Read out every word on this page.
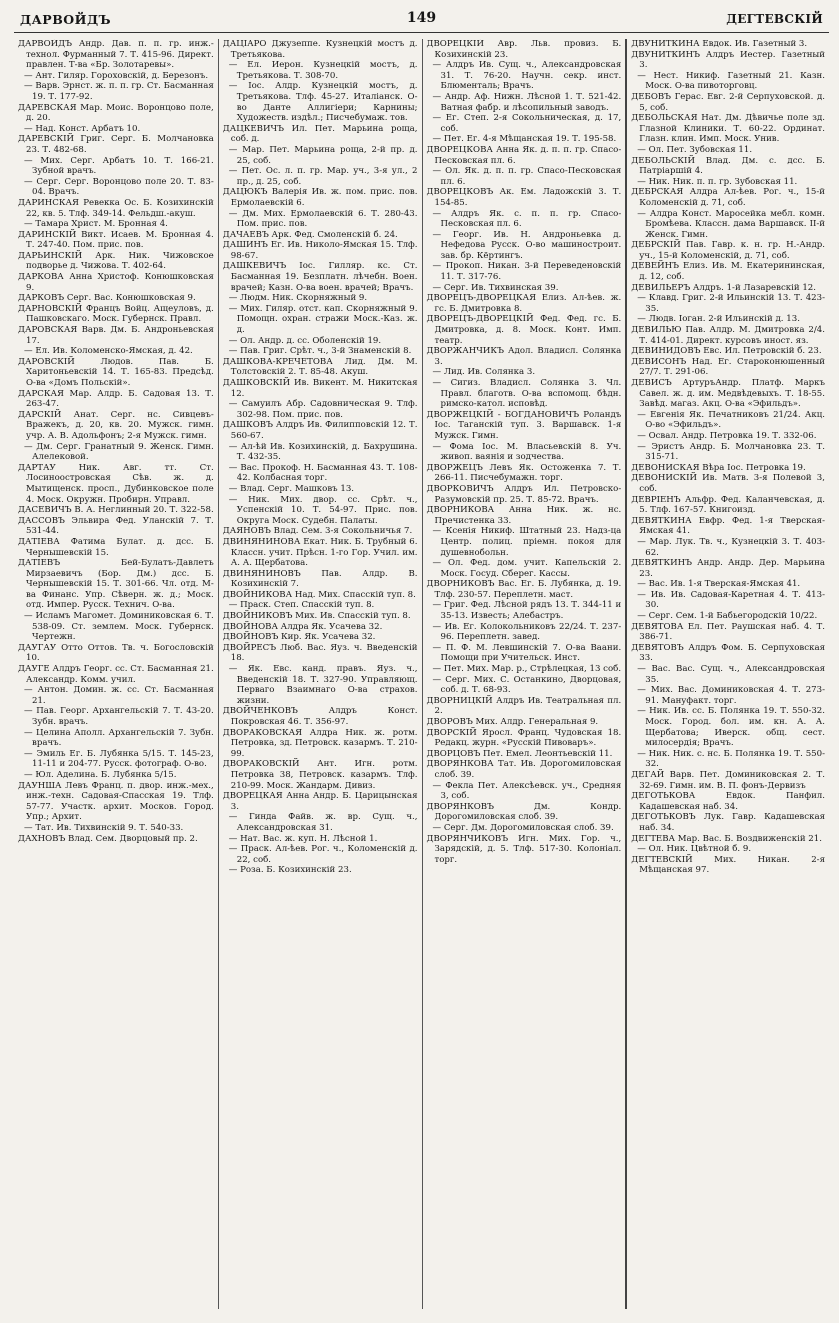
ДАРВОЙДЪ	149	ДЕГТЕВСКІЙ

ДАРВОЙДЪ Андр. Дав. п. п. гр. инж.-технол. Фурманный 7. Т. 415-96. Директ. правлен. Т-ва «Бр. Золотаревы».

— Ант. Гиляр. Гороховскій, д. Березонъ.

— Варв. Эрнст. ж. п. п. гр. Ст. Басманная 19. Т. 177-92.

ДАРЕВСКАЯ Мар. Моис. Воронцово поле, д. 20.

— Над. Конст. Арбатъ 10.

ДАРЕВСКІЙ Григ. Серг. Б. Молчановка 23. Т. 482-68.

— Мих. Серг. Арбатъ 10. Т. 166-21. Зубной врачъ.

— Серг. Серг. Воронцово поле 20. Т. 83-04. Врачъ.

ДАРИНСКАЯ Ревекка Ос. Б. Козихинскій 22, кв. 5. Тлф. 349-14. Фельдш.-акуш.

— Тамара Христ. М. Бронная 4.

ДАРИНСКІЙ Викт. Исаев. М. Бронная 4. Т. 247-40. Пом. прис. пов.

ДАРЬИНСКІЙ Арк. Ник. Чижовское подворье д. Чижова. Т. 402-64.

ДАРКОВА Анна Христоф. Конюшковская 9.

ДАРКОВЪ Серг. Вас. Конюшковская 9.

ДАРНОВСКІЙ Францъ Войц. Ащеуловъ, д. Пашковскаго. Моск. Губернск. Правл.

ДАРОВСКАЯ Варв. Дм. Б. Андроньевская 17.

— Ел. Ив. Коломенско-Ямская, д. 42.

ДАРОВСКІЙ Людов. Пав. Б. Харитоньевскій 14. Т. 165-83. Предсѣд. О-ва «Домъ Польскій».

ДАРСКАЯ Мар. Алдр. Б. Садовая 13. Т. 263-47.

ДАРСКІЙ Анат. Серг. нс. Сивцевъ-Вражекъ, д. 20, кв. 20. Мужск. гимн. учр. А. В. Адольфонъ; 2-я Мужск. гимн.

— Дм. Серг. Гранатный 9. Женск. Гимн. Алелековой.

ДАРТАУ Ник. Авг. тт. Ст. Лосиноостровская Сѣв. ж. д. Мытищенск. просп., Дубинковское поле 4. Моск. Окружн. Пробирн. Управл.

ДАСЕВИЧЪ В. А. Неглинный 20. Т. 322-58.

ДАССОВЪ Эльвира Фед. Уланскій 7. Т. 531-44.

ДАТІЕВА Фатима Булат. д. дсс. Б. Чернышевскій 15.

ДАТІЕВЪ Бей-Булатъ-Давлетъ Мирзаевичъ (Бор. Дм.) дсс. Б. Чернышевскій 15. Т. 301-66. Чл. отд. М-ва Финанс. Упр. Сѣверн. ж. д.; Моск. отд. Импер. Русск. Технич. О-ва.

— Исламъ Магомет. Доминиковская 6. Т. 538-09. Ст. землем. Моск. Губернск. Чертежн.

ДАУГАУ Отто Оттов. Тв. ч. Богословскій 10.

ДАУГЕ Алдръ Георг. сс. Ст. Басманная 21. Александр. Комм. учил.

— Антон. Домин. ж. сс. Ст. Басманная 21.

— Пав. Георг. Архангельскій 7. Т. 43-20. Зубн. врачъ.

— Целина Аполл. Архангельскій 7. Зубн. врачъ.

— Эмиль Ег. Б. Лубянка 5/15. Т. 145-23, 11-11 и 204-77. Русск. фотограф. О-во.

— Юл. Аделина. Б. Лубянка 5/15.

ДАУНША Левъ Франц. п. двор. инж.-мех., инж.-техн. Садовая-Спасская 19. Тлф. 57-77. Участк. архит. Москов. Город. Упр.; Архит.

— Тат. Ив. Тихвинскій 9. Т. 540-33.

ДАХНОВЪ Влад. Сем. Дворцовый пр. 2.

ДАЦІАРО Джузеппе. Кузнецкій мостъ д. Третьякова.

— Ел. Иерон. Кузнецкій мостъ, д. Третьякова. Т. 308-70.

— Іос. Алдр. Кузнецкій мостъ, д. Третьякова. Тлф. 45-27. Италіанск. О-во Данте Аллигіери; Карнины; Художеств. издѣл.; Писчебумаж. тов.

ДАЦКЕВИЧЪ Ил. Пет. Марьина роща, соб. д.

— Мар. Пет. Марьина роща, 2-й пр. д. 25, соб.

— Пет. Ос. л. п. гр. Мар. уч., 3-я ул., 2 пр., д. 25, соб.

ДАЦЮКЪ Валерія Ив. ж. пом. прис. пов. Ермолаевскій 6.

— Дм. Мих. Ермолаевскій 6. Т. 280-43. Пом. прис. пов.

ДАЧАЕВЪ Арк. Фед. Смоленскій б. 24.

ДАШИНЪ Ег. Ив. Николо-Ямская 15. Тлф. 98-67.

ДАШКЕВИЧЪ Іос. Гилляр. кс. Ст. Басманная 19. Безплатн. лѣчебн. Воен. врачей; Казн. О-ва воен. врачей; Врачъ.

— Людм. Ник. Скорняжный 9.

— Мих. Гиляр. отст. кап. Скорняжный 9. Помощн. охран. стражи Моск.-Каз. ж. д.

— Ол. Андр. д. сс. Оболенскій 19.

— Пав. Григ. Срѣт. ч., 3-й Знаменскій 8.

ДАШКОВА-КРЕЧЕТОВА Лид. Дм. М. Толстовскій 2. Т. 85-48. Акуш.

ДАШКОВСКІЙ Ив. Викент. М. Никитская 12.

— Самуилъ Абр. Садовническая 9. Тлф. 302-98. Пом. прис. пов.

ДАШКОВЪ Алдръ Ив. Филипповскій 12. Т. 560-67.

— Ал-ѣй Ив. Козихинскій, д. Бахрушина. Т. 432-35.

— Вас. Прокоф. Н. Басманная 43. Т. 108-42. Колбасная торг.

— Влад. Серг. Машковъ 13.

— Ник. Мих. двор. сс. Срѣт. ч., Успенскій 10. Т. 54-97. Прис. пов. Округа Моск. Судебн. Палаты.

ДАЯНОВЪ Влад. Сем. 3-я Сокольничья 7.

ДВИНЯНИНОВА Екат. Ник. Б. Трубный 6. Классн. учит. Прѣсн. 1-го Гор. Учил. им. А. А. Щербатова.

ДВИНЯНИНОВЪ Пав. Алдр. В. Козихинскій 7.

ДВОЙНИКОВА Над. Мих. Спасскій туп. 8.

— Праск. Степ. Спасскій туп. 8.

ДВОЙНИКОВЪ Мих. Ив. Спасскій туп. 8.

ДВОЙНОВА Алдра Як. Усачева 32.

ДВОЙНОВЪ Кир. Як. Усачева 32.

ДВОЙРЕСЪ Люб. Вас. Яуз. ч. Введенскій 18.

— Як. Евс. канд. правъ. Яуз. ч., Введенскій 18. Т. 327-90. Управляющ. Перваго Взаимнаго О-ва страхов. жизни.

ДВОЙЧЕНКОВЪ Алдръ Конст. Покровская 46. Т. 356-97.

ДВОРАКОВСКАЯ Алдра Ник. ж. ротм. Петровка, зд. Петровск. казармъ. Т. 210-99.

ДВОРАКОВСКІЙ Ант. Игн. ротм. Петровка 38, Петровск. казармъ. Тлф. 210-99. Моск. Жандарм. Дивиз.

ДВОРЕЦКАЯ Анна Андр. Б. Царицынская 3.

— Гинда Файв. ж. вр. Сущ. ч., Александровская 31.

— Нат. Вас. ж. куп. Н. Лѣсной 1.

— Праск. Ал-ѣев. Рог. ч., Коломенскій д. 22, соб.

— Роза. Б. Козихинскій 23.

ДВОРЕЦКІЙ Авр. Льв. провиз. Б. Козихинскій 23.

— Алдръ Ив. Сущ. ч., Александровская 31. Т. 76-20. Научн. секр. инст. Блюменталь; Врачъ.

— Андр. Аф. Нижн. Лѣсной 1. Т. 521-42. Ватная фабр. и лѣсопильный заводъ.

— Ег. Степ. 2-я Сокольническая, д. 17, соб.

— Пет. Ег. 4-я Мѣщанская 19. Т. 195-58.

ДВОРЕЦКОВА Анна Як. д. п. п. гр. Спасо-Песковская пл. 6.

— Ол. Як. д. п. п. гр. Спасо-Песковская пл. 6.

ДВОРЕЦКОВЪ Ак. Ем. Ладожскій 3. Т. 154-85.

— Алдръ Як. с. п. п. гр. Спасо-Песковская пл. 6.

— Георг. Ив. Н. Андроньевка д. Нефедова Русск. О-во машиностроит. зав. бр. Кёртингъ.

— Прокоп. Никан. 3-й Переведеновскій 11. Т. 317-76.

— Серг. Ив. Тихвинская 39.

ДВОРЕЦЪ-ДВОРЕЦКАЯ Елиз. Ал-ѣев. ж. гс. Б. Дмитровка 8.

ДВОРЕЦЪ-ДВОРЕЦКІЙ Фед. Фед. гс. Б. Дмитровка, д. 8. Моск. Конт. Имп. театр.

ДВОРЖАНЧИКЪ Адол. Владисл. Солянка 3.

— Лид. Ив. Солянка 3.

— Сигиз. Владисл. Солянка 3. Чл. Правл. благотв. О-ва вспомощ. бѣдн. римско-катол. исповѣд.

ДВОРЖЕЦКІЙ - БОГДАНОВИЧЪ Роландъ Іос. Таганскій туп. 3. Варшавск. 1-я Мужск. Гимн.

— Фома Іос. М. Власьевскій 8. Уч. живоп. ваянія и зодчества.

ДВОРЖЕЦЪ Левъ Як. Остоженка 7. Т. 266-11. Писчебумажн. торг.

ДВОРКОВИЧЪ Алдръ Ил. Петровско-Разумовскій пр. 25. Т. 85-72. Врачъ.

ДВОРНИКОВА Анна Ник. ж. нс. Пречистенка 33.

— Ксенія Никиф. Штатный 23. Надз-ца Центр. полиц. пріемн. покоя для душевнобольн.

— Ол. Фед. дом. учит. Капельскій 2. Моск. Госуд. Сберег. Кассы.

ДВОРНИКОВЪ Вас. Ег. Б. Лубянка, д. 19. Тлф. 230-57. Переплетн. маст.

— Григ. Фед. Лѣсной рядъ 13. Т. 344-11 и 35-13. Известь; Алебастръ.

— Ив. Ег. Колокольниковъ 22/24. Т. 237-96. Переплетн. завед.

— П. Ф. М. Левшинскій 7. О-ва Ваани. Помощи при Учительск. Инст.

— Пет. Мих. Мар. р., Стрѣлецкая, 13 соб.

— Серг. Мих. С. Останкино, Дворцовая, соб. д. Т. 68-93.

ДВОРНИЦКІЙ Алдръ Ив. Театральная пл. 2.

ДВОРОВЪ Мих. Алдр. Генеральная 9.

ДВОРСКІЙ Яросл. Франц. Чудовская 18. Редакц. журн. «Русскій Пивоваръ».

ДВОРЦОВЪ Пет. Емел. Леонтьевскій 11.

ДВОРЯНКОВА Тат. Ив. Дорогомиловская слоб. 39.

— Фекла Пет. Алексѣевск. уч., Средняя 3, соб.

ДВОРЯНКОВЪ Дм. Кондр. Дорогомиловская слоб. 39.

— Серг. Дм. Дорогомиловская слоб. 39.

ДВОРЯНЧИКОВЪ Игн. Мих. Гор. ч., Зарядскій, д. 5. Тлф. 517-30. Колоніал. торг.

ДВУНИТКИНА Евдок. Ив. Газетный 3.

ДВУНИТКИНЪ Алдръ Иестер. Газетный 3.

— Нест. Никиф. Газетный 21. Казн. Моск. О-ва пивоторговц.

ДЕБОВЪ Герас. Евг. 2-й Серпуховской. д. 5, соб.

ДЕБОЛЬСКАЯ Нат. Дм. Дѣвичье поле зд. Глазной Клиники. Т. 60-22. Ординат. Глазн. клин. Имп. Моск. Унив.

— Ол. Пет. Зубовская 11.

ДЕБОЛЬСКІЙ Влад. Дм. с. дсс. Б. Патріаршій 4.

— Ник. Ник. п. п. гр. Зубовская 11.

ДЕБРСКАЯ Алдра Ал-ѣев. Рог. ч., 15-й Коломенскій д. 71, соб.

— Алдра Конст. Маросейка мебл. комн. Бромѣева. Классн. дама Варшавск. II-й Женск. Гимн.

ДЕБРСКІЙ Пав. Гавр. к. н. гр. Н.-Андр. уч., 15-й Коломенскій, д. 71, соб.

ДЕВЕЙНЪ Елиз. Ив. М. Екатерининская, д. 12, соб.

ДЕВИЛЬЕРЪ Алдръ. 1-й Лазаревскій 12.

— Клавд. Григ. 2-й Ильинскій 13. Т. 423-35.

— Людв. Іоган. 2-й Ильинскій д. 13.

ДЕВИЛЬЮ Пав. Алдр. М. Дмитровка 2/4. Т. 414-01. Директ. курсовъ иност. яз.

ДЕВИНИДОВЪ Евс. Ил. Петровскій б. 23.

ДЕВИСОНЪ Над. Ег. Староконюшенный 27/7. Т. 291-06.

ДЕВИСЪ АртуръАндр. Платф. Маркъ Савел. ж. д. им. Медвѣдевыхъ. Т. 18-55. Завѣд. магаз. Акц. О-ва «Эфильдъ».

— Евгенія Як. Печатниковъ 21/24. Акц. О-во «Эфильдъ».

— Освал. Андр. Петровка 19. Т. 332-06.

— Эристъ Андр. Б. Молчановка 23. Т. 315-71.

ДЕВОНИСКАЯ Вѣра Іос. Петровка 19.

ДЕВОНИСКІЙ Ив. Матв. 3-я Полевой 3, соб.

ДЕВРІЕНЪ Альфр. Фед. Каланчевская, д. 5. Тлф. 167-57. Книгоизд.

ДЕВЯТКИНА Евфр. Фед. 1-я Тверская-Ямская 41.

— Мар. Лук. Тв. ч., Кузнецкій 3. Т. 403-62.

ДЕВЯТКИНЪ Андр. Андр. Дер. Марьина 23.

— Вас. Ив. 1-я Тверская-Ямская 41.

— Ив. Ив. Садовая-Каретная 4. Т. 413-30.

— Серг. Сем. 1-й Бабьегородскій 10/22.

ДЕВЯТОВА Ел. Пет. Раушская наб. 4. Т. 386-71.

ДЕВЯТОВЪ Алдръ Фом. Б. Серпуховская 33.

— Вас. Вас. Сущ. ч., Александровская 35.

— Мих. Вас. Доминиковская 4. Т. 273-91. Мануфакт. торг.

— Ник. Ив. сс. Б. Полянка 19. Т. 550-32. Моск. Город. бол. им. кн. А. А. Щербатова; Иверск. общ. сест. милосердія; Врачъ.

— Ник. Ник. с. нс. Б. Полянка 19. Т. 550-32.

ДЕГАЙ Варв. Пет. Доминиковская 2. Т. 32-69. Гимн. им. В. П. фонъ-Дервизъ

ДЕГОТЬКОВА Евдок. Панфил. Кадашевская наб. 34.

ДЕГОТЬКОВЪ Лук. Гавр. Кадашевская наб. 34.

ДЕГТЕВА Мар. Вас. Б. Воздвиженскій 21.

— Ол. Ник. Цвѣтной б. 9.

ДЕГТЕВСКІЙ Мих. Никан. 2-я Мѣщанская 97.
